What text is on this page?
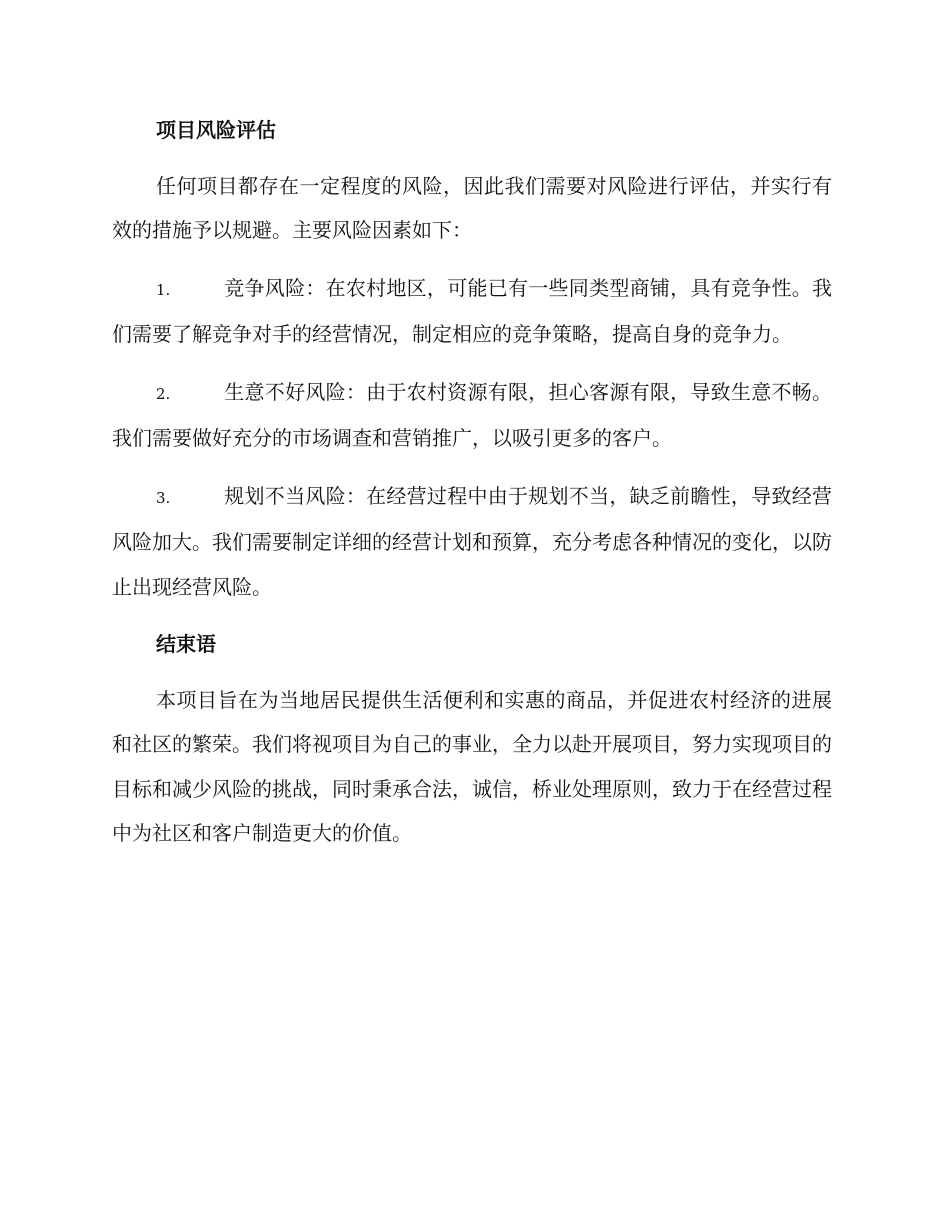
项目风险评估

任何项目都存在一定程度的风险，因此我们需要对风险进行评估，并实行有效的措施予以规避。主要风险因素如下：

1.	竞争风险：在农村地区，可能已有一些同类型商铺，具有竞争性。我们需要了解竞争对手的经营情况，制定相应的竞争策略，提高自身的竞争力。

2.	生意不好风险：由于农村资源有限，担心客源有限，导致生意不畅。我们需要做好充分的市场调查和营销推广，以吸引更多的客户。

3.	规划不当风险：在经营过程中由于规划不当，缺乏前瞻性，导致经营风险加大。我们需要制定详细的经营计划和预算，充分考虑各种情况的变化，以防止出现经营风险。

结束语

本项目旨在为当地居民提供生活便利和实惠的商品，并促进农村经济的进展和社区的繁荣。我们将视项目为自己的事业，全力以赴开展项目，努力实现项目的目标和减少风险的挑战，同时秉承合法，诚信，桥业处理原则，致力于在经营过程中为社区和客户制造更大的价值。
